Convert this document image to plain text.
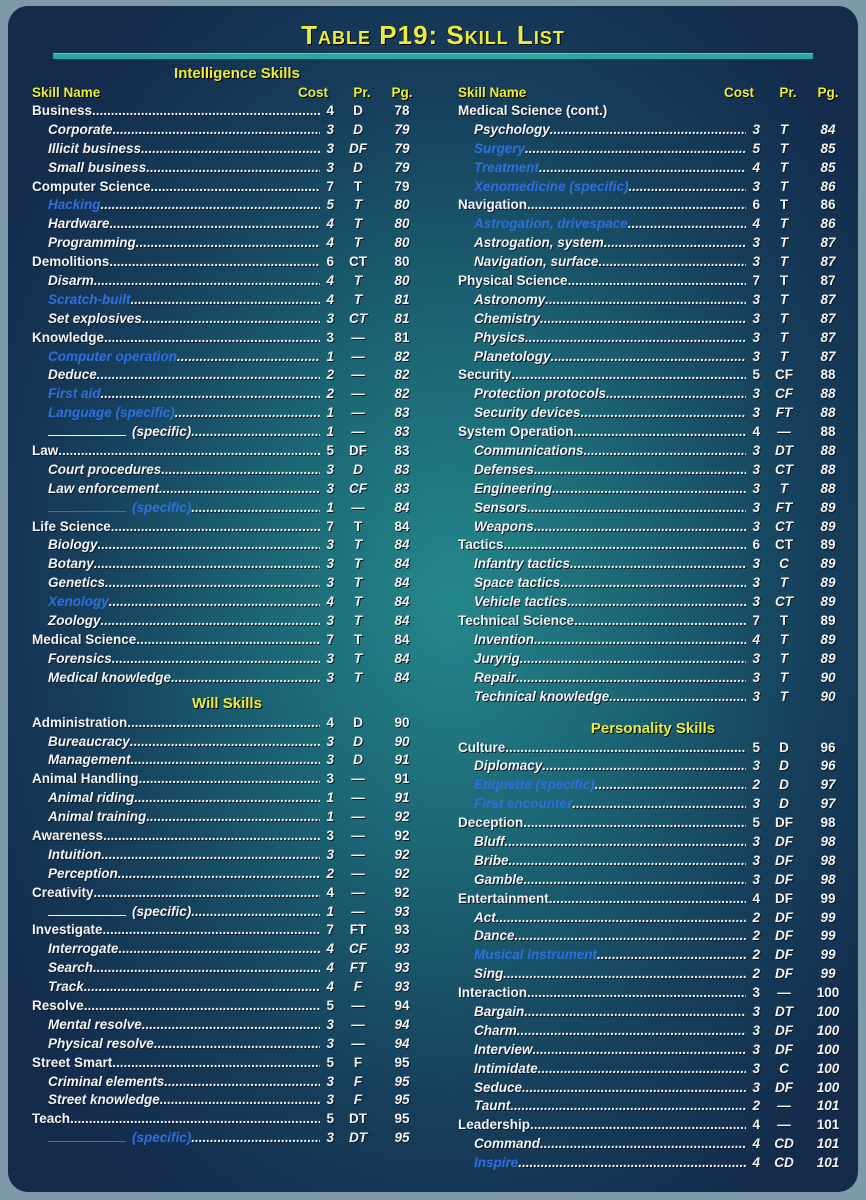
Table P19: Skill List
Intelligence Skills
Skill Name	Cost	Pr.	Pg.
Business .....	4	D	78
Corporate .....	3	D	79
Illicit business .....	3	DF	79
Small business .....	3	D	79
Computer Science .....	7	T	79
Hacking .....	5	T	80
Hardware .....	4	T	80
Programming .....	4	T	80
Demolitions .....	6	CT	80
Disarm .....	4	T	80
Scratch-built .....	4	T	81
Set explosives .....	3	CT	81
Knowledge .....	3	—	81
Computer operation .....	1	—	82
Deduce .....	2	—	82
First aid .....	2	—	82
Language (specific) .....	1	—	83
(specific) .....	1	—	83
Law .....	5	DF	83
Court procedures .....	3	D	83
Law enforcement .....	3	CF	83
(specific) .....	1	—	84
Life Science .....	7	T	84
Biology .....	3	T	84
Botany .....	3	T	84
Genetics .....	3	T	84
Xenology .....	4	T	84
Zoology .....	3	T	84
Medical Science .....	7	T	84
Forensics .....	3	T	84
Medical knowledge .....	3	T	84
Will Skills
Administration .....	4	D	90
Bureaucracy .....	3	D	90
Management .....	3	D	91
Animal Handling .....	3	—	91
Animal riding .....	1	—	91
Animal training .....	1	—	92
Awareness .....	3	—	92
Intuition .....	3	—	92
Perception .....	2	—	92
Creativity .....	4	—	92
(specific) .....	1	—	93
Investigate .....	7	FT	93
Interrogate .....	4	CF	93
Search .....	4	FT	93
Track .....	4	F	93
Resolve .....	5	—	94
Mental resolve .....	3	—	94
Physical resolve .....	3	—	94
Street Smart .....	5	F	95
Criminal elements .....	3	F	95
Street knowledge .....	3	F	95
Teach .....	5	DT	95
(specific) .....	3	DT	95
Skill Name	Cost	Pr.	Pg.
Medical Science (cont.)
Psychology .....	3	T	84
Surgery .....	5	T	85
Treatment .....	4	T	85
Xenomedicine (specific) .....	3	T	86
Navigation .....	6	T	86
Astrogation, drivespace .....	4	T	86
Astrogation, system .....	3	T	87
Navigation, surface .....	3	T	87
Physical Science .....	7	T	87
Astronomy .....	3	T	87
Chemistry .....	3	T	87
Physics .....	3	T	87
Planetology .....	3	T	87
Security .....	5	CF	88
Protection protocols .....	3	CF	88
Security devices .....	3	FT	88
System Operation .....	4	—	88
Communications .....	3	DT	88
Defenses .....	3	CT	88
Engineering .....	3	T	88
Sensors .....	3	FT	89
Weapons .....	3	CT	89
Tactics .....	6	CT	89
Infantry tactics .....	3	C	89
Space tactics .....	3	T	89
Vehicle tactics .....	3	CT	89
Technical Science .....	7	T	89
Invention .....	4	T	89
Juryrig .....	3	T	89
Repair .....	3	T	90
Technical knowledge .....	3	T	90
Personality Skills
Culture .....	5	D	96
Diplomacy .....	3	D	96
Etiquette (specific) .....	2	D	97
First encounter .....	3	D	97
Deception .....	5	DF	98
Bluff .....	3	DF	98
Bribe .....	3	DF	98
Gamble .....	3	DF	98
Entertainment .....	4	DF	99
Act .....	2	DF	99
Dance .....	2	DF	99
Musical instrument .....	2	DF	99
Sing .....	2	DF	99
Interaction .....	3	—	100
Bargain .....	3	DT	100
Charm .....	3	DF	100
Interview .....	3	DF	100
Intimidate .....	3	C	100
Seduce .....	3	DF	100
Taunt .....	2	—	101
Leadership .....	4	—	101
Command .....	4	CD	101
Inspire .....	4	CD	101
